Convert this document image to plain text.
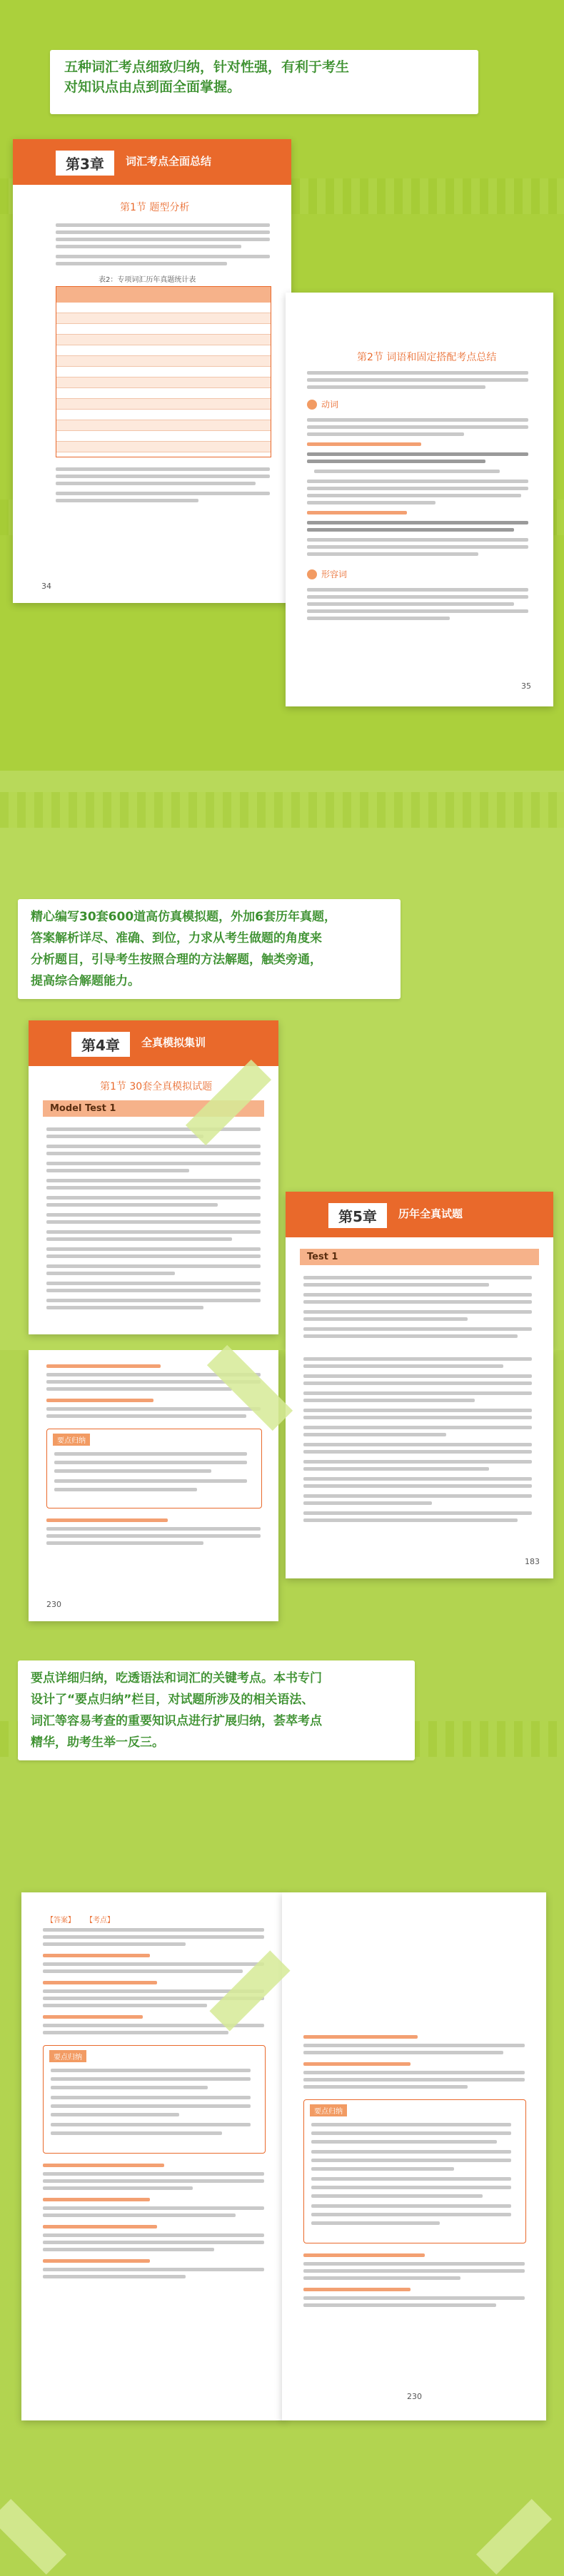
五种词汇考点细致归纳，针对性强，有利于考生

对知识点由点到面全面掌握。

第3章	词汇考点全面总结
第1节 题型分析
表2：专项词汇历年真题统计表
34
第2节 词语和固定搭配考点总结
动词
形容词
35

精心编写30套600道高仿真模拟题，外加6套历年真题，

答案解析详尽、准确、到位，力求从考生做题的角度来

分析题目，引导考生按照合理的方法解题，触类旁通，

提高综合解题能力。

第4章	全真模拟集训
第1节 30套全真模拟试题
Model Test 1
第5章	历年全真试题
Test 1
要点归纳
230
183

要点详细归纳，吃透语法和词汇的关键考点。本书专门

设计了“要点归纳”栏目，对试题所涉及的相关语法、

词汇等容易考查的重要知识点进行扩展归纳，荟萃考点

精华，助考生举一反三。

【答案】 【考点】
要点归纳
要点归纳
230
